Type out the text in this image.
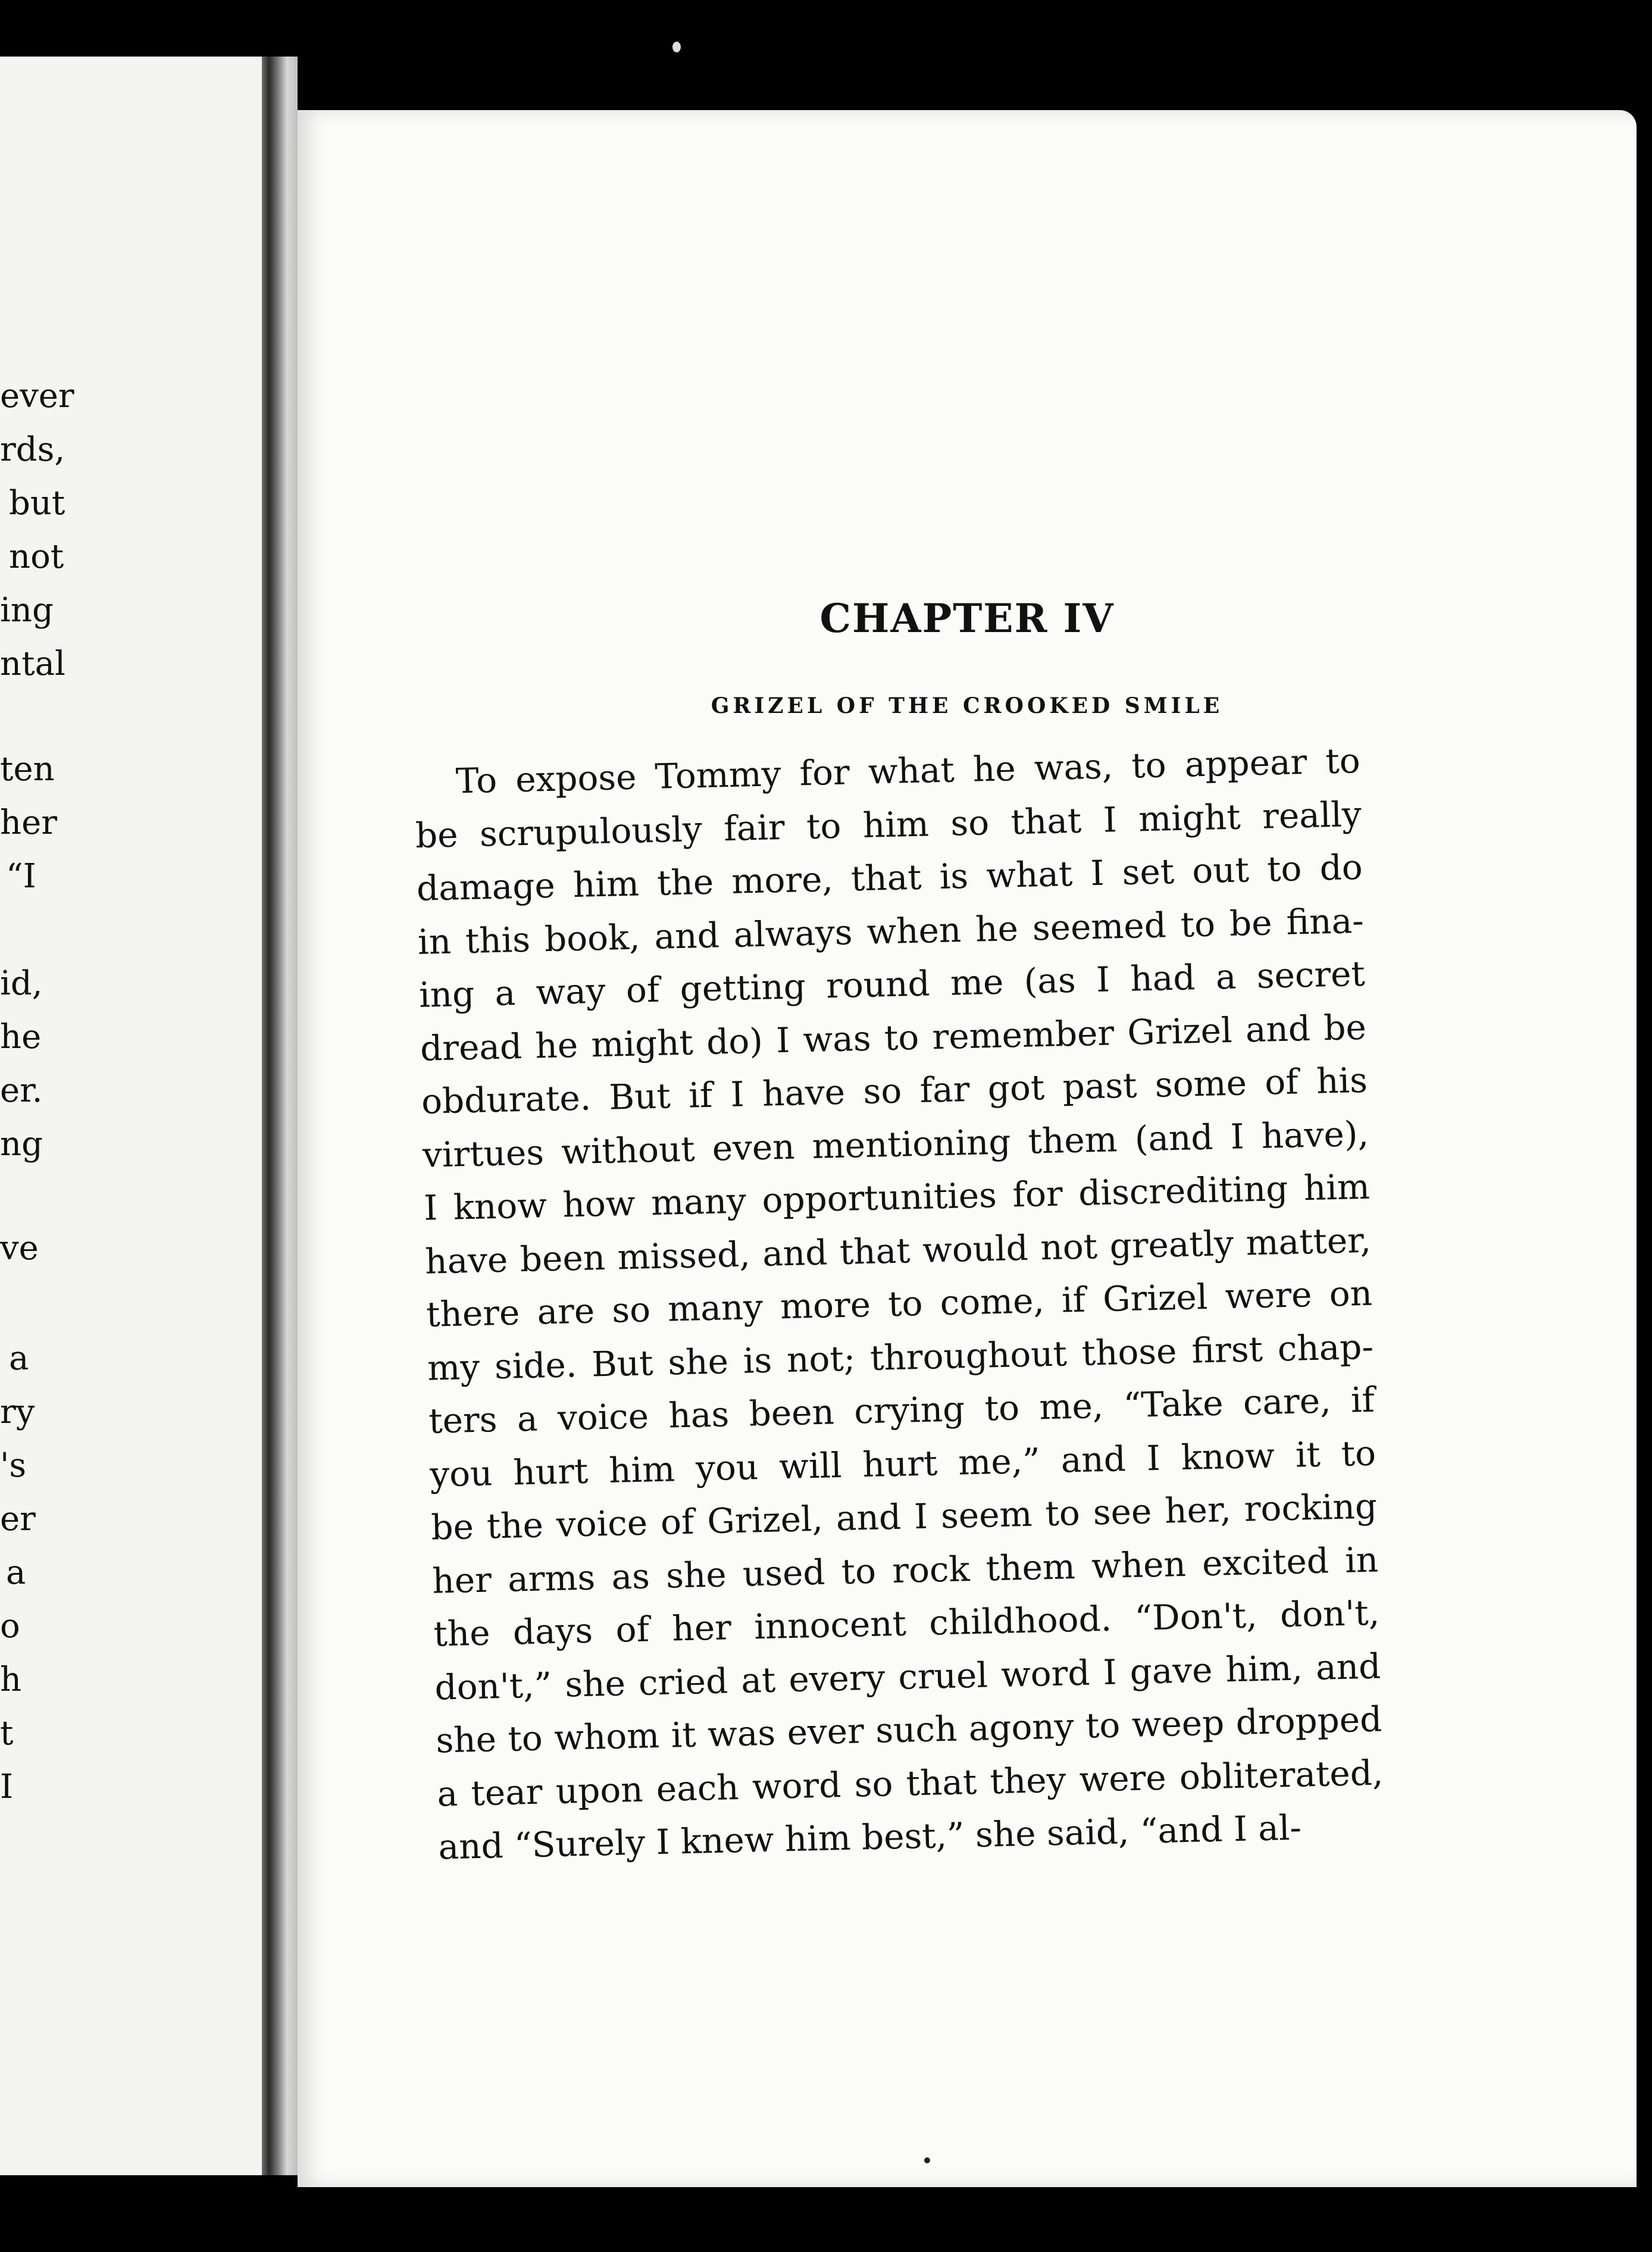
ever
rds,
but
not
ing
ntal
ten
her
“I
id,
he
er.
ng
ve
a
ry
's
er
a
o
h
t
I
CHAPTER IV
GRIZEL OF THE CROOKED SMILE
To expose Tommy for what he was, to appear to
be scrupulously fair to him so that I might really
damage him the more, that is what I set out to do
in this book, and always when he seemed to be fina-
ing a way of getting round me (as I had a secret
dread he might do) I was to remember Grizel and be
obdurate. But if I have so far got past some of his
virtues without even mentioning them (and I have),
I know how many opportunities for discrediting him
have been missed, and that would not greatly matter,
there are so many more to come, if Grizel were on
my side. But she is not; throughout those first chap-
ters a voice has been crying to me, “Take care, if
you hurt him you will hurt me,” and I know it to
be the voice of Grizel, and I seem to see her, rocking
her arms as she used to rock them when excited in
the days of her innocent childhood. “Don't, don't,
don't,” she cried at every cruel word I gave him, and
she to whom it was ever such agony to weep dropped
a tear upon each word so that they were obliterated,
and “Surely I knew him best,” she said, “and I al-
